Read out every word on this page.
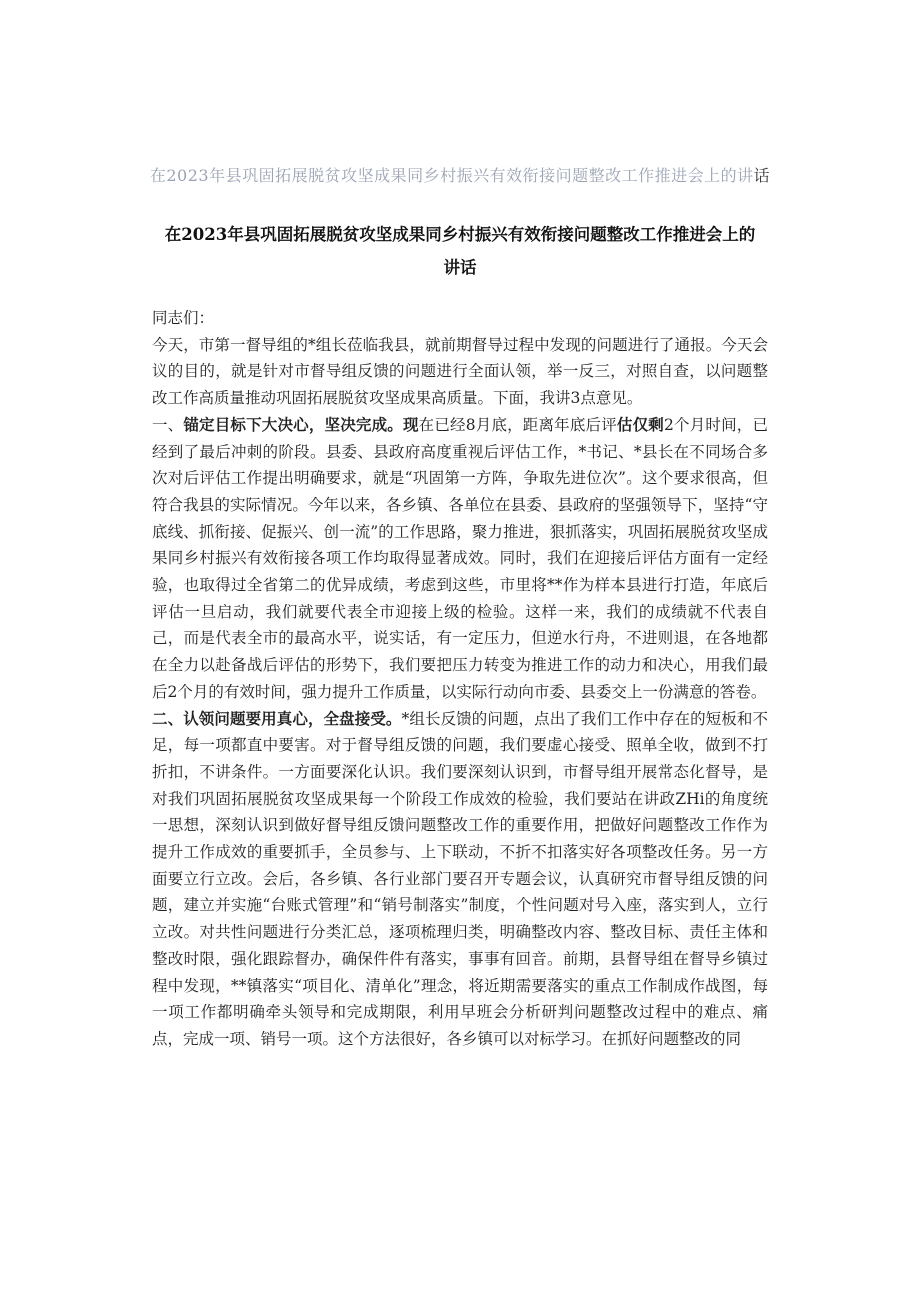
在2023年县巩固拓展脱贫攻坚成果同乡村振兴有效衔接问题整改工作推进会上的讲话
在2023年县巩固拓展脱贫攻坚成果同乡村振兴有效衔接问题整改工作推进会上的讲话

同志们：

今天，市第一督导组的*组长莅临我县，就前期督导过程中发现的问题进行了通报。今天会议的目的，就是针对市督导组反馈的问题进行全面认领，举一反三，对照自查，以问题整改工作高质量推动巩固拓展脱贫攻坚成果高质量。下面，我讲3点意见。

一、锚定目标下大决心，坚决完成。现在已经8月底，距离年底后评估仅剩2个月时间，已经到了最后冲刺的阶段。县委、县政府高度重视后评估工作，*书记、*县长在不同场合多次对后评估工作提出明确要求，就是“巩固第一方阵，争取先进位次”。这个要求很高，但符合我县的实际情况。今年以来，各乡镇、各单位在县委、县政府的坚强领导下，坚持“守底线、抓衔接、促振兴、创一流”的工作思路，聚力推进，狠抓落实，巩固拓展脱贫攻坚成果同乡村振兴有效衔接各项工作均取得显著成效。同时，我们在迎接后评估方面有一定经验，也取得过全省第二的优异成绩，考虑到这些，市里将**作为样本县进行打造，年底后评估一旦启动，我们就要代表全市迎接上级的检验。这样一来，我们的成绩就不代表自己，而是代表全市的最高水平，说实话，有一定压力，但逆水行舟，不进则退，在各地都在全力以赴备战后评估的形势下，我们要把压力转变为推进工作的动力和决心，用我们最后2个月的有效时间，强力提升工作质量，以实际行动向市委、县委交上一份满意的答卷。

二、认领问题要用真心，全盘接受。*组长反馈的问题，点出了我们工作中存在的短板和不足，每一项都直中要害。对于督导组反馈的问题，我们要虚心接受、照单全收，做到不打折扣，不讲条件。一方面要深化认识。我们要深刻认识到，市督导组开展常态化督导，是对我们巩固拓展脱贫攻坚成果每一个阶段工作成效的检验，我们要站在讲政ZHi的角度统一思想，深刻认识到做好督导组反馈问题整改工作的重要作用，把做好问题整改工作作为提升工作成效的重要抓手，全员参与、上下联动，不折不扣落实好各项整改任务。另一方面要立行立改。会后，各乡镇、各行业部门要召开专题会议，认真研究市督导组反馈的问题，建立并实施“台账式管理”和“销号制落实”制度，个性问题对号入座，落实到人，立行立改。对共性问题进行分类汇总，逐项梳理归类，明确整改内容、整改目标、责任主体和整改时限，强化跟踪督办，确保件件有落实，事事有回音。前期，县督导组在督导乡镇过程中发现，**镇落实“项目化、清单化”理念，将近期需要落实的重点工作制成作战图，每一项工作都明确牵头领导和完成期限，利用早班会分析研判问题整改过程中的难点、痛点，完成一项、销号一项。这个方法很好，各乡镇可以对标学习。在抓好问题整改的同
